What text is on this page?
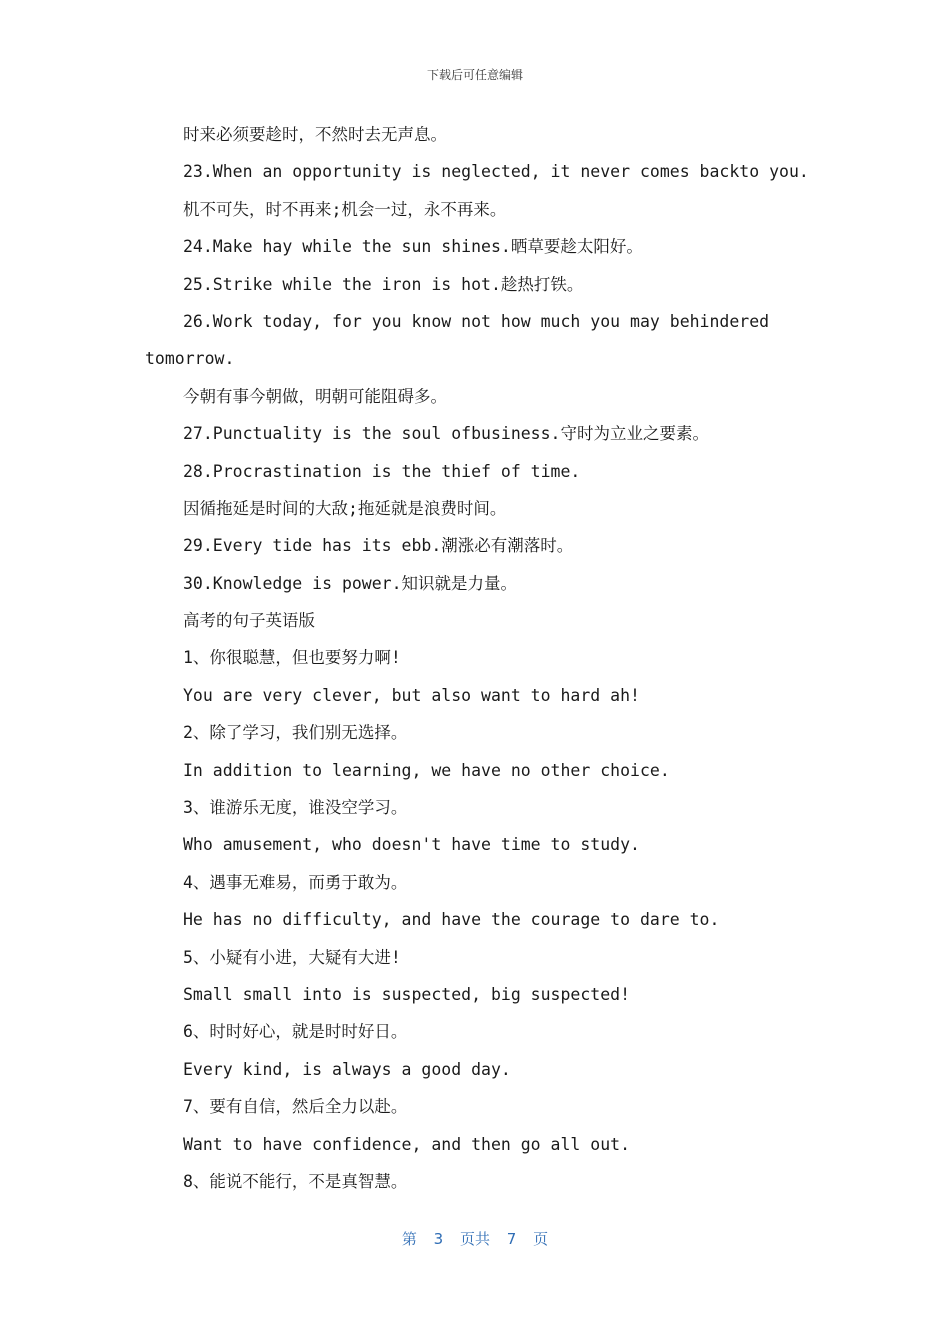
下载后可任意编辑
时来必须要趁时，不然时去无声息。
23.When an opportunity is neglected, it never comes backto you.
机不可失，时不再来;机会一过，永不再来。
24.Make hay while the sun shines.晒草要趁太阳好。
25.Strike while the iron is hot.趁热打铁。
26.Work today, for you know not how much you may behindered
tomorrow.
今朝有事今朝做，明朝可能阻碍多。
27.Punctuality is the soul ofbusiness.守时为立业之要素。
28.Procrastination is the thief of time.
因循拖延是时间的大敌;拖延就是浪费时间。
29.Every tide has its ebb.潮涨必有潮落时。
30.Knowledge is power.知识就是力量。
高考的句子英语版
1、你很聪慧，但也要努力啊!
You are very clever, but also want to hard ah!
2、除了学习，我们别无选择。
In addition to learning, we have no other choice.
3、谁游乐无度，谁没空学习。
Who amusement, who doesn't have time to study.
4、遇事无难易，而勇于敢为。
He has no difficulty, and have the courage to dare to.
5、小疑有小进，大疑有大进!
Small small into is suspected, big suspected!
6、时时好心，就是时时好日。
Every kind, is always a good day.
7、要有自信，然后全力以赴。
Want to have confidence, and then go all out.
8、能说不能行，不是真智慧。
第 3 页共 7 页
